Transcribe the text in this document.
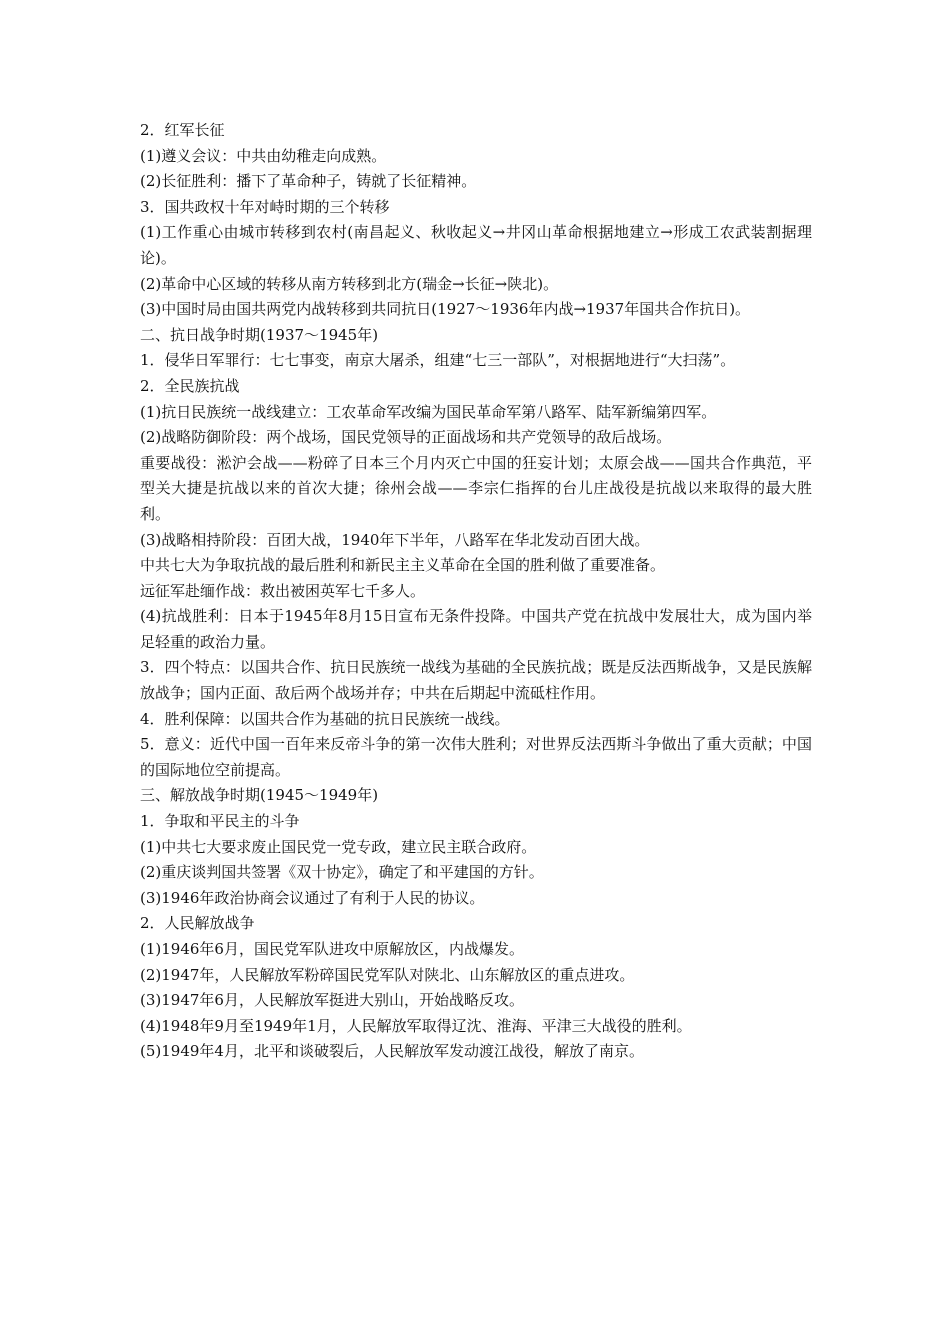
2．红军长征

(1)遵义会议：中共由幼稚走向成熟。

(2)长征胜利：播下了革命种子，铸就了长征精神。

3．国共政权十年对峙时期的三个转移

(1)工作重心由城市转移到农村(南昌起义、秋收起义→井冈山革命根据地建立→形成工农武装割据理论)。

(2)革命中心区域的转移从南方转移到北方(瑞金→长征→陕北)。

(3)中国时局由国共两党内战转移到共同抗日(1927～1936年内战→1937年国共合作抗日)。

二、抗日战争时期(1937～1945年)

1．侵华日军罪行：七七事变，南京大屠杀，组建“七三一部队”，对根据地进行“大扫荡”。

2．全民族抗战

(1)抗日民族统一战线建立：工农革命军改编为国民革命军第八路军、陆军新编第四军。

(2)战略防御阶段：两个战场，国民党领导的正面战场和共产党领导的敌后战场。

重要战役：淞沪会战——粉碎了日本三个月内灭亡中国的狂妄计划；太原会战——国共合作典范，平型关大捷是抗战以来的首次大捷；徐州会战——李宗仁指挥的台儿庄战役是抗战以来取得的最大胜利。

(3)战略相持阶段：百团大战，1940年下半年，八路军在华北发动百团大战。

中共七大为争取抗战的最后胜利和新民主主义革命在全国的胜利做了重要准备。

远征军赴缅作战：救出被困英军七千多人。

(4)抗战胜利：日本于1945年8月15日宣布无条件投降。中国共产党在抗战中发展壮大，成为国内举足轻重的政治力量。

3．四个特点：以国共合作、抗日民族统一战线为基础的全民族抗战；既是反法西斯战争，又是民族解放战争；国内正面、敌后两个战场并存；中共在后期起中流砥柱作用。

4．胜利保障：以国共合作为基础的抗日民族统一战线。

5．意义：近代中国一百年来反帝斗争的第一次伟大胜利；对世界反法西斯斗争做出了重大贡献；中国的国际地位空前提高。

三、解放战争时期(1945～1949年)

1．争取和平民主的斗争

(1)中共七大要求废止国民党一党专政，建立民主联合政府。

(2)重庆谈判国共签署《双十协定》，确定了和平建国的方针。

(3)1946年政治协商会议通过了有利于人民的协议。

2．人民解放战争

(1)1946年6月，国民党军队进攻中原解放区，内战爆发。

(2)1947年，人民解放军粉碎国民党军队对陕北、山东解放区的重点进攻。

(3)1947年6月，人民解放军挺进大别山，开始战略反攻。

(4)1948年9月至1949年1月，人民解放军取得辽沈、淮海、平津三大战役的胜利。

(5)1949年4月，北平和谈破裂后，人民解放军发动渡江战役，解放了南京。
